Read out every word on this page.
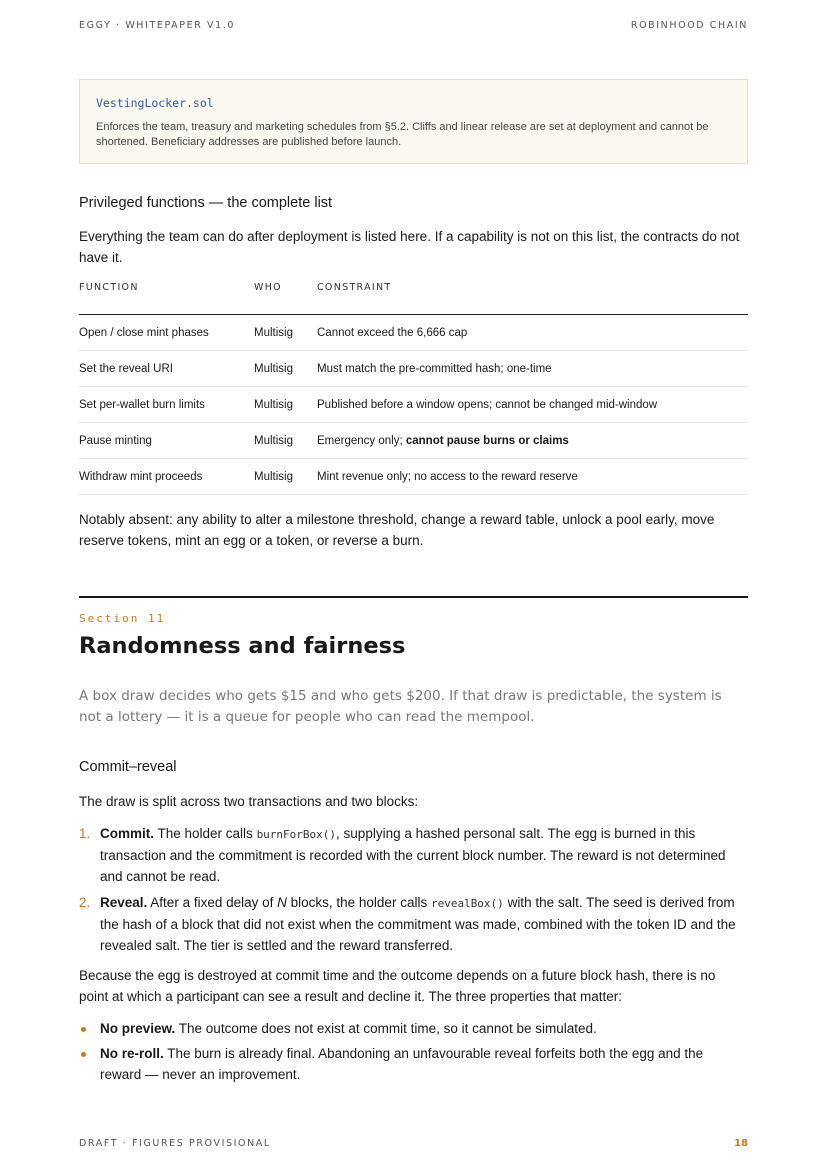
EGGY · WHITEPAPER V1.0	ROBINHOOD CHAIN
VestingLocker.sol
Enforces the team, treasury and marketing schedules from §5.2. Cliffs and linear release are set at deployment and cannot be shortened. Beneficiary addresses are published before launch.
Privileged functions — the complete list

Everything the team can do after deployment is listed here. If a capability is not on this list, the contracts do not have it.

FUNCTION	WHO	CONSTRAINT
Open / close mint phases	Multisig	Cannot exceed the 6,666 cap
Set the reveal URI	Multisig	Must match the pre-committed hash; one-time
Set per-wallet burn limits	Multisig	Published before a window opens; cannot be changed mid-window
Pause minting	Multisig	Emergency only; cannot pause burns or claims
Withdraw mint proceeds	Multisig	Mint revenue only; no access to the reward reserve

Notably absent: any ability to alter a milestone threshold, change a reward table, unlock a pool early, move reserve tokens, mint an egg or a token, or reverse a burn.

Section 11
Randomness and fairness

A box draw decides who gets $15 and who gets $200. If that draw is predictable, the system is not a lottery — it is a queue for people who can read the mempool.

Commit–reveal

The draw is split across two transactions and two blocks:

1. Commit. The holder calls burnForBox(), supplying a hashed personal salt. The egg is burned in this transaction and the commitment is recorded with the current block number. The reward is not determined and cannot be read.
2. Reveal. After a fixed delay of N blocks, the holder calls revealBox() with the salt. The seed is derived from the hash of a block that did not exist when the commitment was made, combined with the token ID and the revealed salt. The tier is settled and the reward transferred.

Because the egg is destroyed at commit time and the outcome depends on a future block hash, there is no point at which a participant can see a result and decline it. The three properties that matter:

No preview. The outcome does not exist at commit time, so it cannot be simulated.
No re-roll. The burn is already final. Abandoning an unfavourable reveal forfeits both the egg and the reward — never an improvement.
DRAFT · FIGURES PROVISIONAL	18
